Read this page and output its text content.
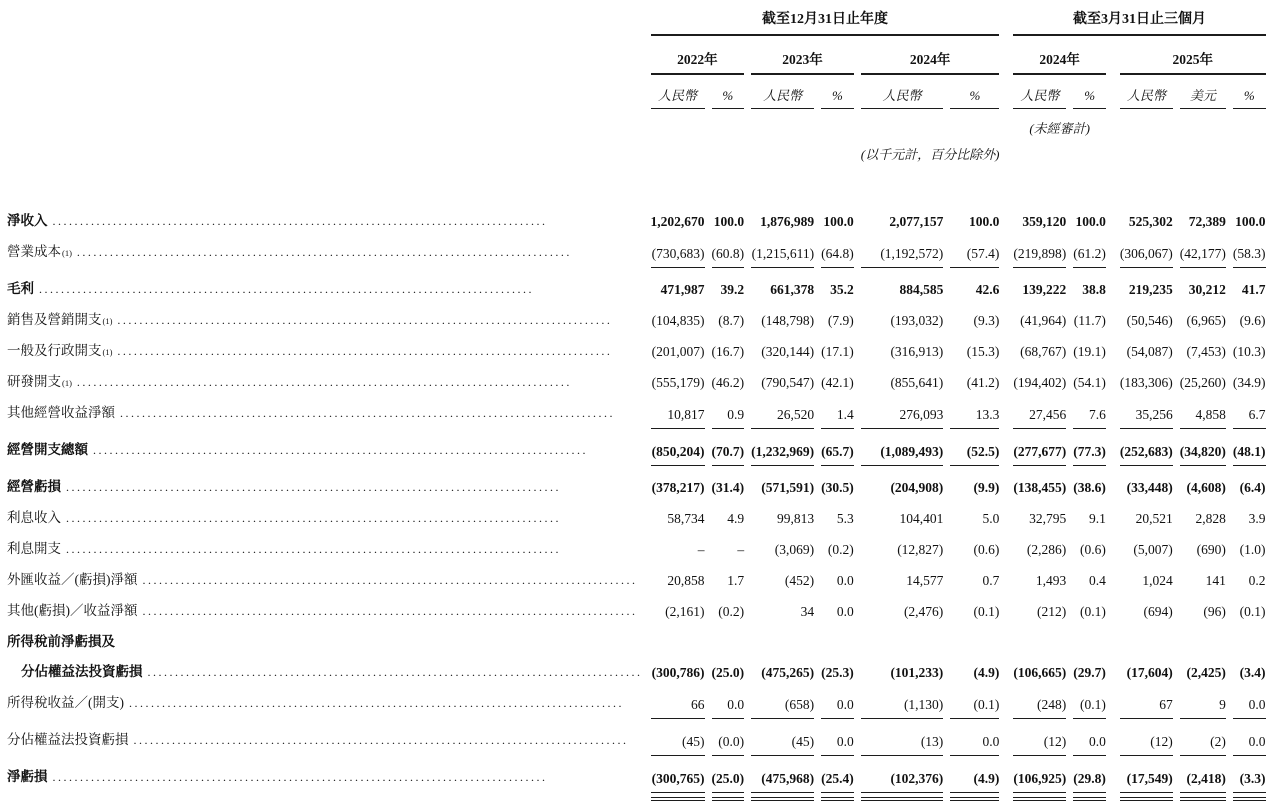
	截至12月31日止年度							截至3月31日止三個月					
	2022年		2023年		2024年			2024年			2025年		
	人民幣	%	人民幣	%	人民幣	%		人民幣	%		人民幣	美元	%
								(未經審計)					
					(以千元計，百分比除外)								

淨收入 ..........................................................................................	1,202,670	100.0	1,876,989	100.0	2,077,157	100.0		359,120	100.0		525,302	72,389	100.0

營業成本 (1) ..........................................................................................	(730,683)	(60.8)	(1,215,611)	(64.8)	(1,192,572)	(57.4)		(219,898)	(61.2)		(306,067)	(42,177)	(58.3)

毛利 ..........................................................................................	471,987	39.2	661,378	35.2	884,585	42.6		139,222	38.8		219,235	30,212	41.7

銷售及營銷開支 (1) ..........................................................................................	(104,835)	(8.7)	(148,798)	(7.9)	(193,032)	(9.3)		(41,964)	(11.7)		(50,546)	(6,965)	(9.6)

一般及行政開支 (1) ..........................................................................................	(201,007)	(16.7)	(320,144)	(17.1)	(316,913)	(15.3)		(68,767)	(19.1)		(54,087)	(7,453)	(10.3)

研發開支 (1) ..........................................................................................	(555,179)	(46.2)	(790,547)	(42.1)	(855,641)	(41.2)		(194,402)	(54.1)		(183,306)	(25,260)	(34.9)

其他經營收益淨額 ..........................................................................................	10,817	0.9	26,520	1.4	276,093	13.3		27,456	7.6		35,256	4,858	6.7

經營開支總額 ..........................................................................................	(850,204)	(70.7)	(1,232,969)	(65.7)	(1,089,493)	(52.5)		(277,677)	(77.3)		(252,683)	(34,820)	(48.1)

經營虧損 ..........................................................................................	(378,217)	(31.4)	(571,591)	(30.5)	(204,908)	(9.9)		(138,455)	(38.6)		(33,448)	(4,608)	(6.4)

利息收入 ..........................................................................................	58,734	4.9	99,813	5.3	104,401	5.0		32,795	9.1		20,521	2,828	3.9

利息開支 ..........................................................................................	–	–	(3,069)	(0.2)	(12,827)	(0.6)		(2,286)	(0.6)		(5,007)	(690)	(1.0)

外匯收益／(虧損)淨額 ..........................................................................................	20,858	1.7	(452)	0.0	14,577	0.7		1,493	0.4		1,024	141	0.2

其他(虧損)／收益淨額 ..........................................................................................	(2,161)	(0.2)	34	0.0	(2,476)	(0.1)		(212)	(0.1)		(694)	(96)	(0.1)

所得稅前淨虧損及													

分佔權益法投資虧損 ..........................................................................................	(300,786)	(25.0)	(475,265)	(25.3)	(101,233)	(4.9)		(106,665)	(29.7)		(17,604)	(2,425)	(3.4)

所得稅收益／(開支) ..........................................................................................	66	0.0	(658)	0.0	(1,130)	(0.1)		(248)	(0.1)		67	9	0.0

分佔權益法投資虧損 ..........................................................................................	(45)	(0.0)	(45)	0.0	(13)	0.0		(12)	0.0		(12)	(2)	0.0

淨虧損 ..........................................................................................	(300,765)	(25.0)	(475,968)	(25.4)	(102,376)	(4.9)		(106,925)	(29.8)		(17,549)	(2,418)	(3.3)
